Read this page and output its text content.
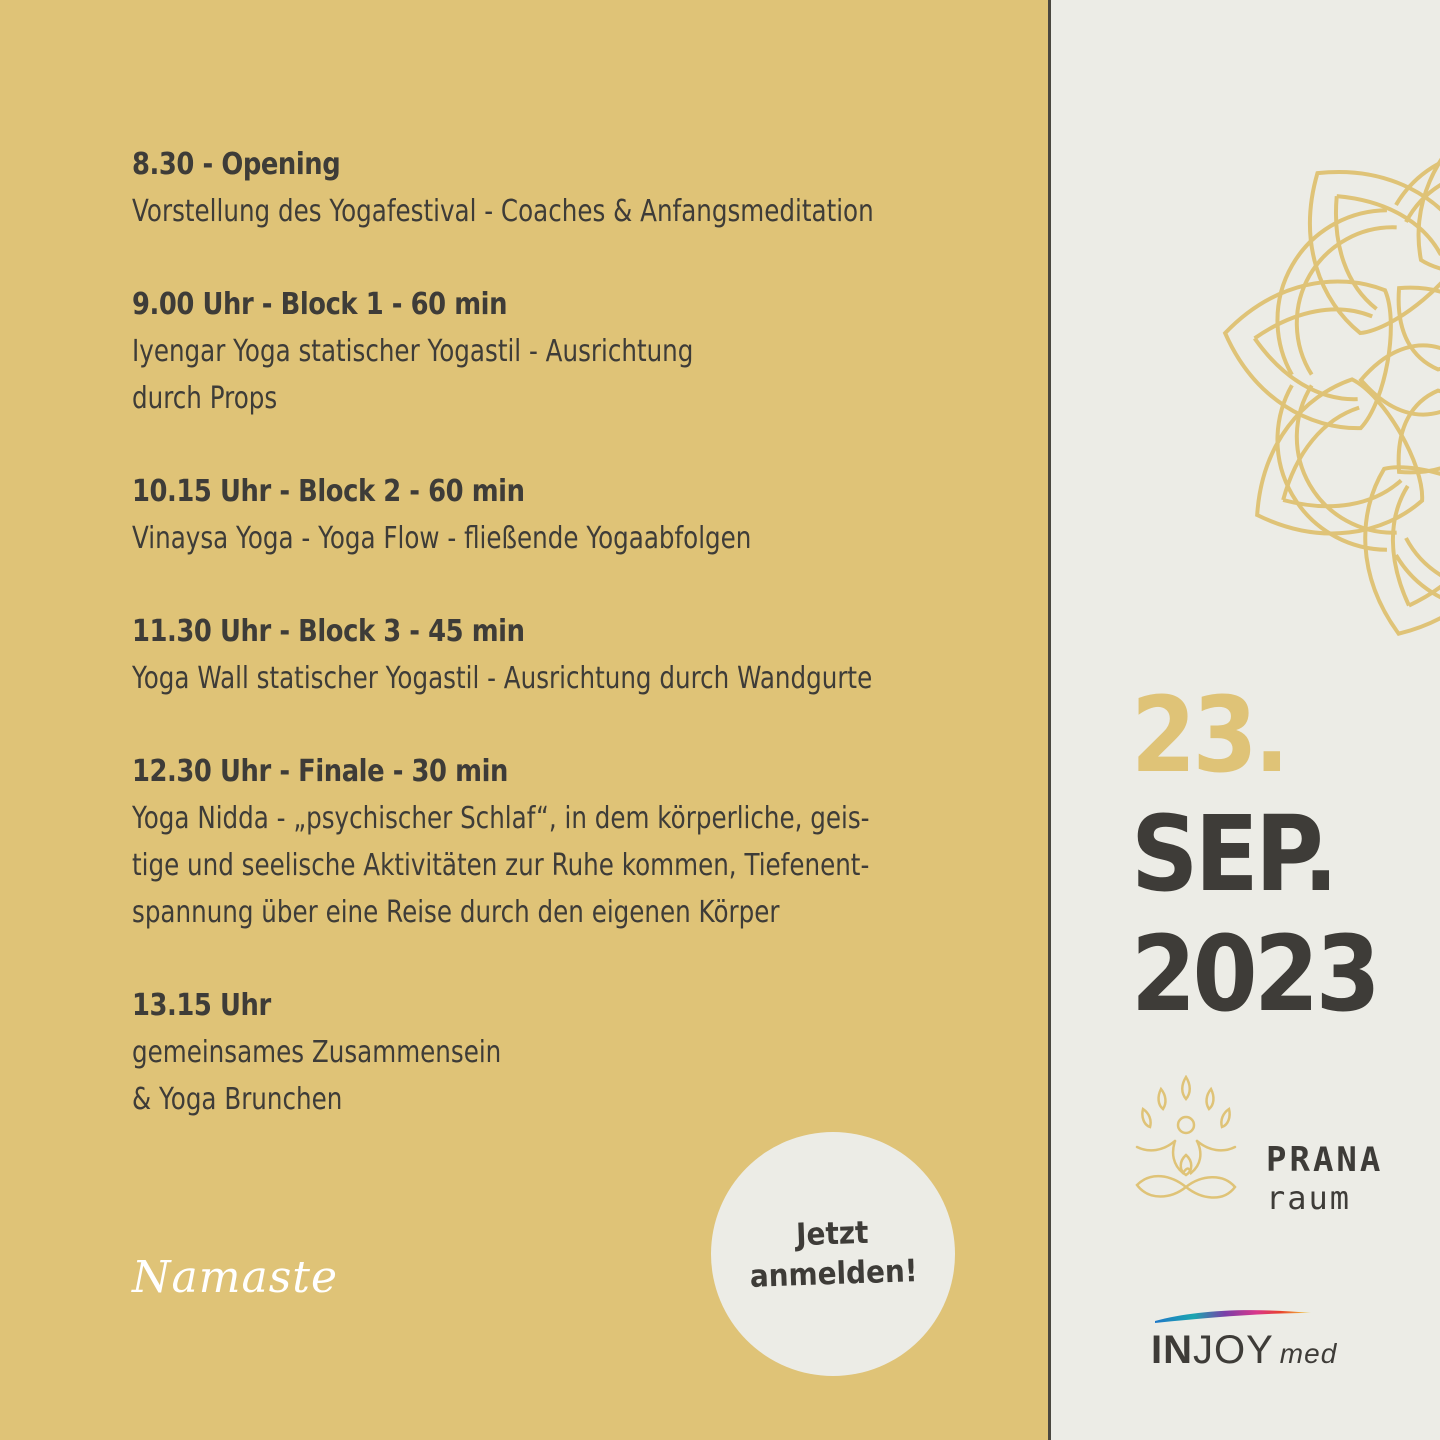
8.30 - Opening
Vorstellung des Yogafestival - Coaches & Anfangsmeditation
9.00 Uhr - Block 1 - 60 min
Iyengar Yoga statischer Yogastil - Ausrichtung
durch Props
10.15 Uhr - Block 2 - 60 min
Vinaysa Yoga - Yoga Flow - fließende Yogaabfolgen
11.30 Uhr - Block 3 - 45 min
Yoga Wall statischer Yogastil - Ausrichtung durch Wandgurte
12.30 Uhr - Finale - 30 min
Yoga Nidda - „psychischer Schlaf“, in dem körperliche, geis-
tige und seelische Aktivitäten zur Ruhe kommen, Tiefenent-
spannung über eine Reise durch den eigenen Körper
13.15 Uhr
gemeinsames Zusammensein
& Yoga Brunchen
Namaste
Jetzt anmelden!
23.
SEP.
2023
PRANA
raum
INJOY med
